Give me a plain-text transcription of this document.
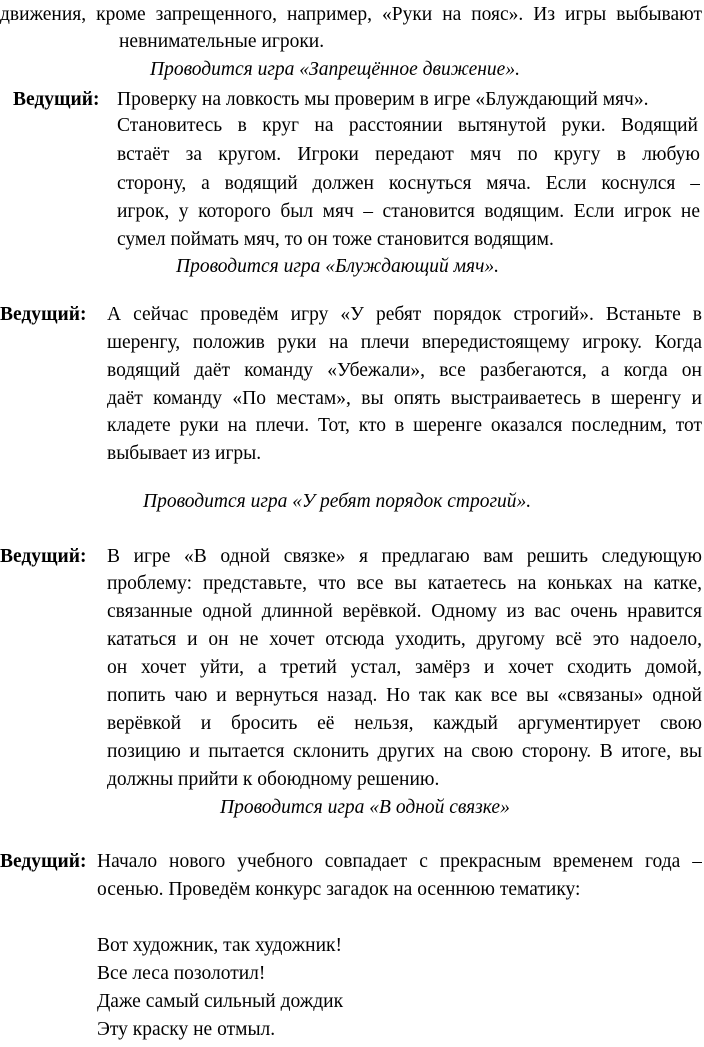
движения, кроме запрещенного, например, «Руки на пояс». Из игры выбывают
невнимательные игроки.
Проводится игра «Запрещённое движение».
Ведущий: Проверку на ловкость мы проверим в игре «Блуждающий мяч».
Становитесь в круг на расстоянии вытянутой руки. Водящий
встаёт за кругом. Игроки передают мяч по кругу в любую
сторону, а водящий должен коснуться мяча. Если коснулся –
игрок, у которого был мяч – становится водящим. Если игрок не
сумел поймать мяч, то он тоже становится водящим.
Проводится игра «Блуждающий мяч».
Ведущий: А сейчас проведём игру «У ребят порядок строгий». Встаньте в
шеренгу, положив руки на плечи впередистоящему игроку. Когда
водящий даёт команду «Убежали», все разбегаются, а когда он
даёт команду «По местам», вы опять выстраиваетесь в шеренгу и
кладете руки на плечи. Тот, кто в шеренге оказался последним, тот
выбывает из игры.
Проводится игра «У ребят порядок строгий».
Ведущий: В игре «В одной связке» я предлагаю вам решить следующую
проблему: представьте, что все вы катаетесь на коньках на катке,
связанные одной длинной верёвкой. Одному из вас очень нравится
кататься и он не хочет отсюда уходить, другому всё это надоело,
он хочет уйти, а третий устал, замёрз и хочет сходить домой,
попить чаю и вернуться назад. Но так как все вы «связаны» одной
верёвкой и бросить её нельзя, каждый аргументирует свою
позицию и пытается склонить других на свою сторону. В итоге, вы
должны прийти к обоюдному решению.
Проводится игра «В одной связке»
Ведущий: Начало нового учебного совпадает с прекрасным временем года –
осенью. Проведём конкурс загадок на осеннюю тематику:
Вот художник, так художник!
Все леса позолотил!
Даже самый сильный дождик
Эту краску не отмыл.
